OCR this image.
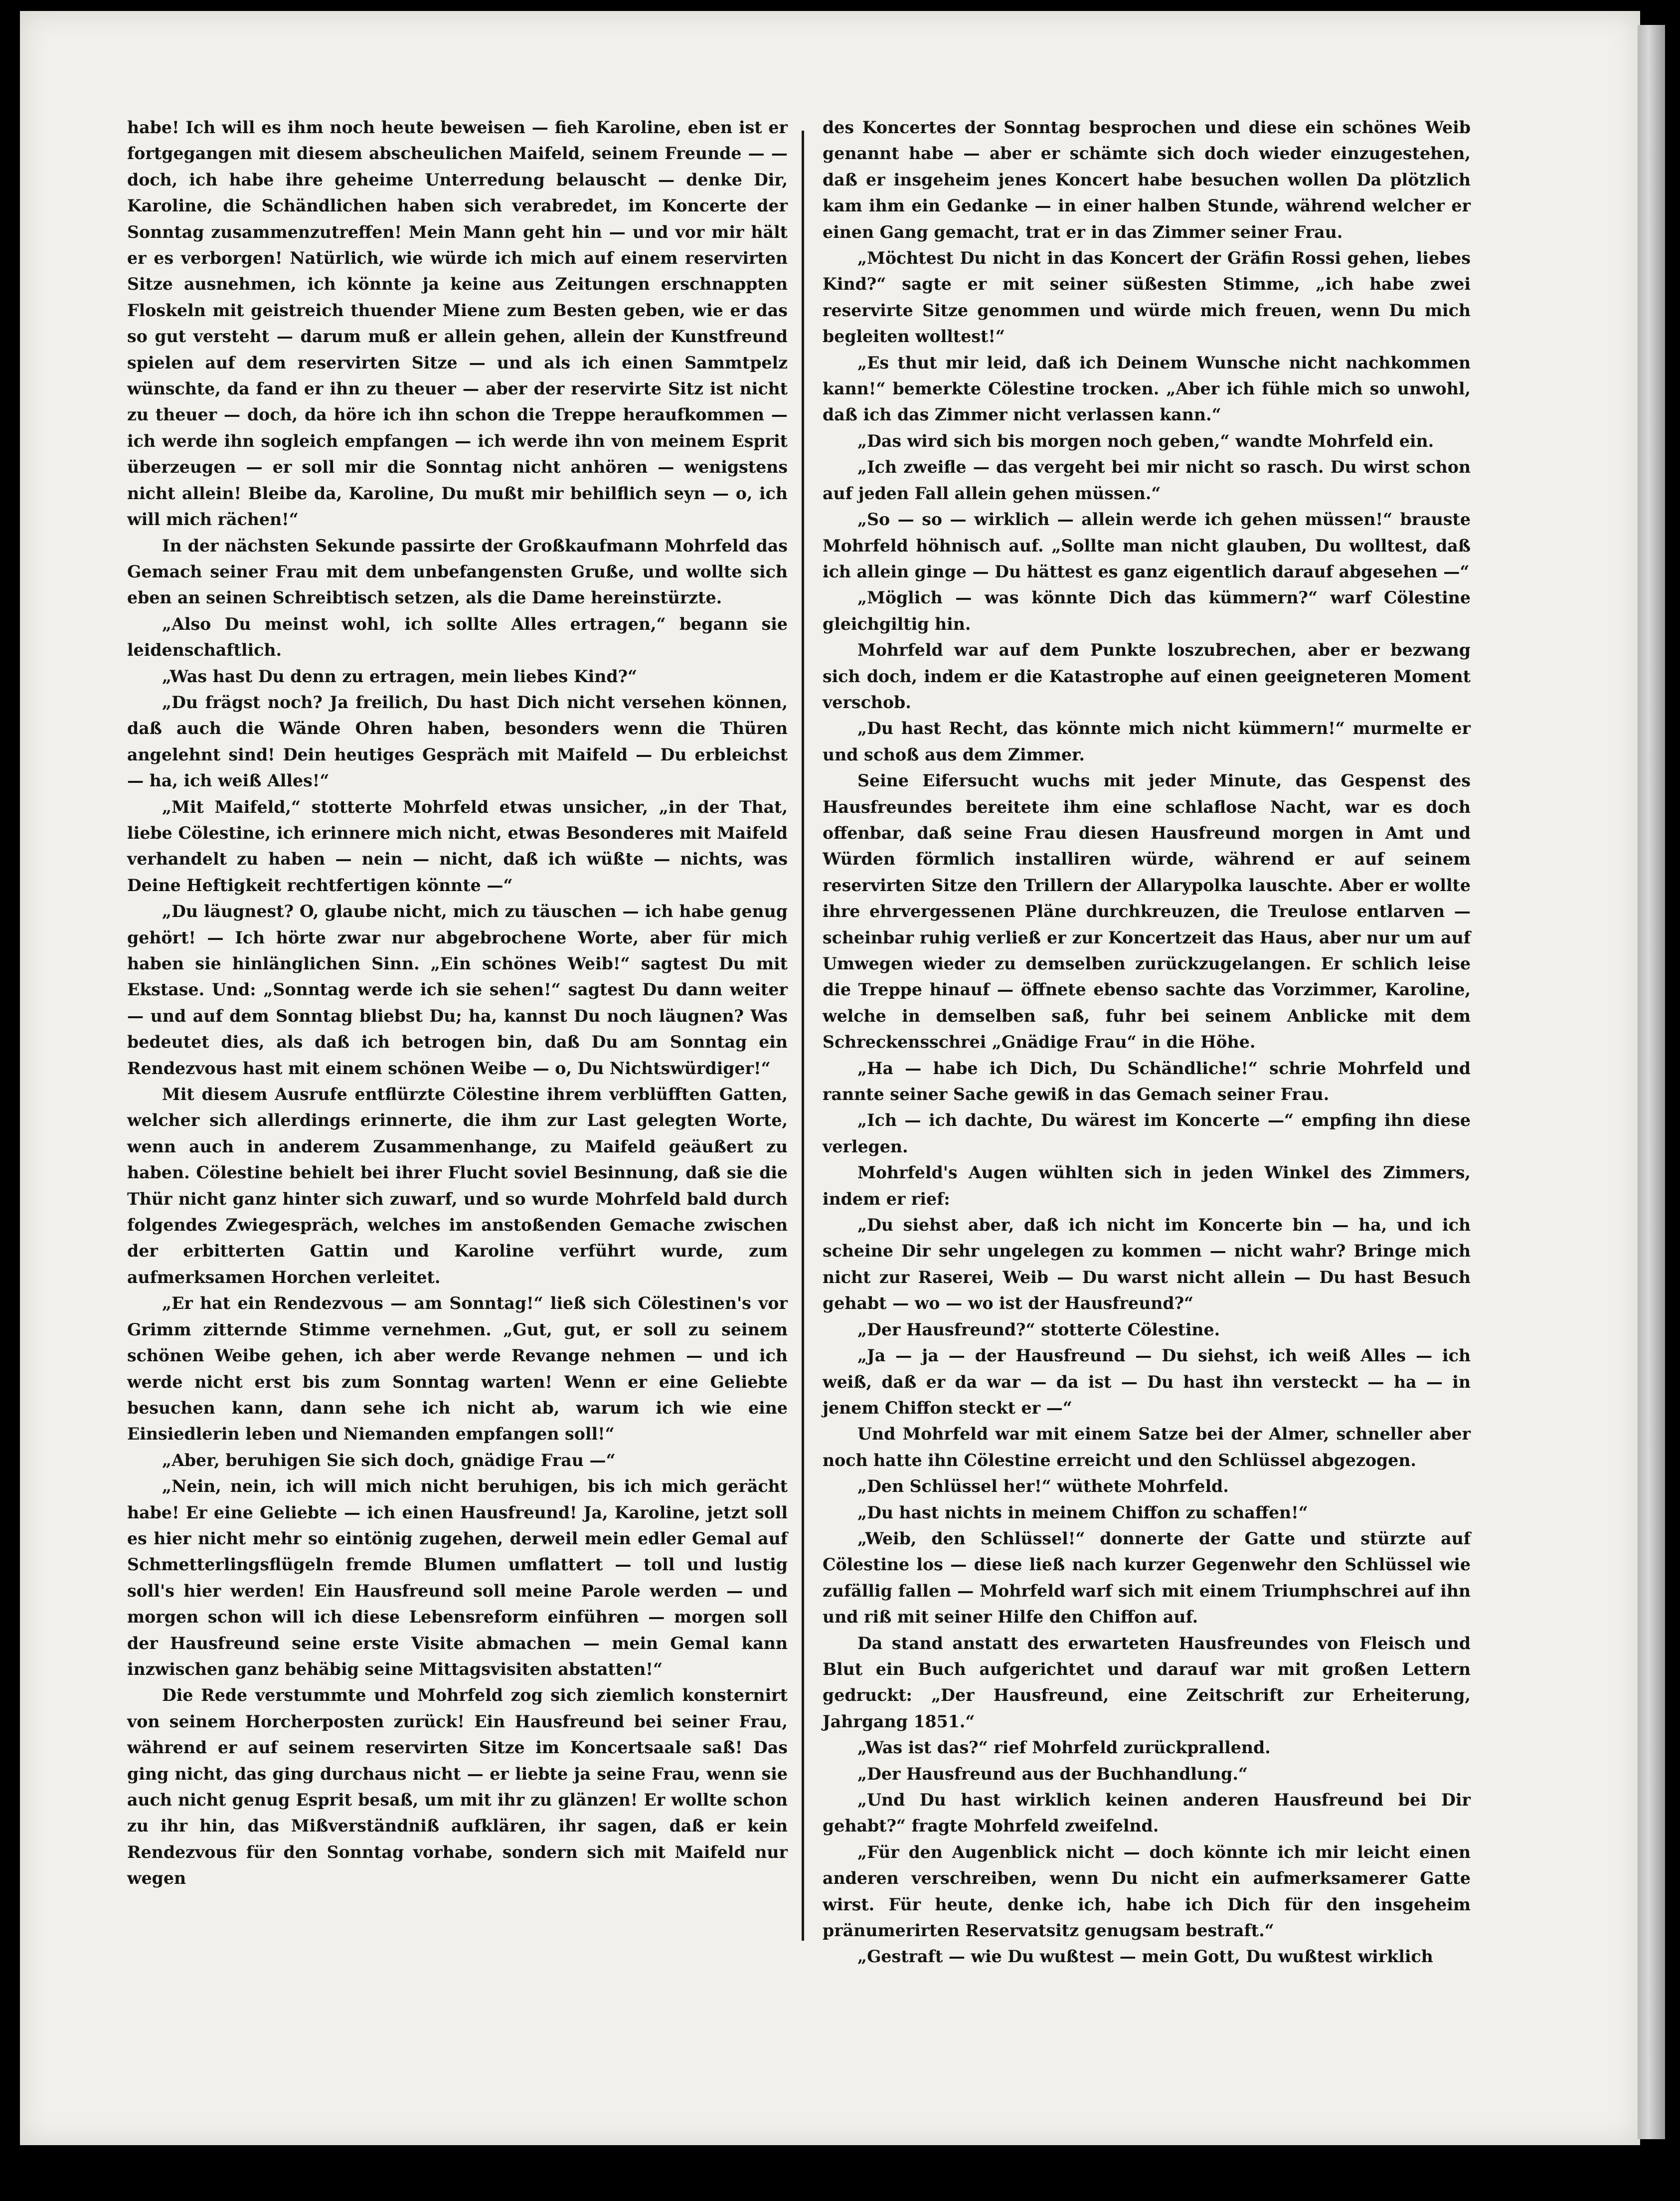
habe! Ich will es ihm noch heute beweisen — fieh Karoline, eben ist er fortgegangen mit diesem abscheulichen Maifeld, seinem Freunde — — doch, ich habe ihre geheime Unterredung belauscht — denke Dir, Karoline, die Schändlichen haben sich verabredet, im Koncerte der Sonntag zusammenzutreffen! Mein Mann geht hin — und vor mir hält er es verborgen! Natürlich, wie würde ich mich auf einem reservirten Sitze ausnehmen, ich könnte ja keine aus Zeitungen erschnappten Floskeln mit geistreich thuender Miene zum Besten geben, wie er das so gut versteht — darum muß er allein gehen, allein der Kunstfreund spielen auf dem reservirten Sitze — und als ich einen Sammtpelz wünschte, da fand er ihn zu theuer — aber der reservirte Sitz ist nicht zu theuer — doch, da höre ich ihn schon die Treppe heraufkommen — ich werde ihn sogleich empfangen — ich werde ihn von meinem Esprit überzeugen — er soll mir die Sonntag nicht anhören — wenigstens nicht allein! Bleibe da, Karoline, Du mußt mir behilflich seyn — o, ich will mich rächen!“

In der nächsten Sekunde passirte der Großkaufmann Mohrfeld das Gemach seiner Frau mit dem unbefangensten Gruße, und wollte sich eben an seinen Schreibtisch setzen, als die Dame hereinstürzte.

„Also Du meinst wohl, ich sollte Alles ertragen,“ begann sie leidenschaftlich.

„Was hast Du denn zu ertragen, mein liebes Kind?“

„Du frägst noch? Ja freilich, Du hast Dich nicht versehen können, daß auch die Wände Ohren haben, besonders wenn die Thüren angelehnt sind! Dein heutiges Gespräch mit Maifeld — Du erbleichst — ha, ich weiß Alles!“

„Mit Maifeld,“ stotterte Mohrfeld etwas unsicher, „in der That, liebe Cölestine, ich erinnere mich nicht, etwas Besonderes mit Maifeld verhandelt zu haben — nein — nicht, daß ich wüßte — nichts, was Deine Heftigkeit rechtfertigen könnte —“

„Du läugnest? O, glaube nicht, mich zu täuschen — ich habe genug gehört! — Ich hörte zwar nur abgebrochene Worte, aber für mich haben sie hinlänglichen Sinn. „Ein schönes Weib!“ sagtest Du mit Ekstase. Und: „Sonntag werde ich sie sehen!“ sagtest Du dann weiter — und auf dem Sonntag bliebst Du; ha, kannst Du noch läugnen? Was bedeutet dies, als daß ich betrogen bin, daß Du am Sonntag ein Rendezvous hast mit einem schönen Weibe — o, Du Nichtswürdiger!“

Mit diesem Ausrufe entflürzte Cölestine ihrem verblüfften Gatten, welcher sich allerdings erinnerte, die ihm zur Last gelegten Worte, wenn auch in anderem Zusammenhange, zu Maifeld geäußert zu haben. Cölestine behielt bei ihrer Flucht soviel Besinnung, daß sie die Thür nicht ganz hinter sich zuwarf, und so wurde Mohrfeld bald durch folgendes Zwiegespräch, welches im anstoßenden Gemache zwischen der erbitterten Gattin und Karoline verführt wurde, zum aufmerksamen Horchen verleitet.

„Er hat ein Rendezvous — am Sonntag!“ ließ sich Cölestinen's vor Grimm zitternde Stimme vernehmen. „Gut, gut, er soll zu seinem schönen Weibe gehen, ich aber werde Revange nehmen — und ich werde nicht erst bis zum Sonntag warten! Wenn er eine Geliebte besuchen kann, dann sehe ich nicht ab, warum ich wie eine Einsiedlerin leben und Niemanden empfangen soll!“

„Aber, beruhigen Sie sich doch, gnädige Frau —“

„Nein, nein, ich will mich nicht beruhigen, bis ich mich gerächt habe! Er eine Geliebte — ich einen Hausfreund! Ja, Karoline, jetzt soll es hier nicht mehr so eintönig zugehen, derweil mein edler Gemal auf Schmetterlingsflügeln fremde Blumen umflattert — toll und lustig soll's hier werden! Ein Hausfreund soll meine Parole werden — und morgen schon will ich diese Lebensreform einführen — morgen soll der Hausfreund seine erste Visite abmachen — mein Gemal kann inzwischen ganz behäbig seine Mittagsvisiten abstatten!“

Die Rede verstummte und Mohrfeld zog sich ziemlich konsternirt von seinem Horcherposten zurück! Ein Hausfreund bei seiner Frau, während er auf seinem reservirten Sitze im Koncertsaale saß! Das ging nicht, das ging durchaus nicht — er liebte ja seine Frau, wenn sie auch nicht genug Esprit besaß, um mit ihr zu glänzen! Er wollte schon zu ihr hin, das Mißverständniß aufklären, ihr sagen, daß er kein Rendezvous für den Sonntag vorhabe, sondern sich mit Maifeld nur wegen

des Koncertes der Sonntag besprochen und diese ein schönes Weib genannt habe — aber er schämte sich doch wieder einzugestehen, daß er insgeheim jenes Koncert habe besuchen wollen Da plötzlich kam ihm ein Gedanke — in einer halben Stunde, während welcher er einen Gang gemacht, trat er in das Zimmer seiner Frau.

„Möchtest Du nicht in das Koncert der Gräfin Rossi gehen, liebes Kind?“ sagte er mit seiner süßesten Stimme, „ich habe zwei reservirte Sitze genommen und würde mich freuen, wenn Du mich begleiten wolltest!“

„Es thut mir leid, daß ich Deinem Wunsche nicht nachkommen kann!“ bemerkte Cölestine trocken. „Aber ich fühle mich so unwohl, daß ich das Zimmer nicht verlassen kann.“

„Das wird sich bis morgen noch geben,“ wandte Mohrfeld ein.

„Ich zweifle — das vergeht bei mir nicht so rasch. Du wirst schon auf jeden Fall allein gehen müssen.“

„So — so — wirklich — allein werde ich gehen müssen!“ brauste Mohrfeld höhnisch auf. „Sollte man nicht glauben, Du wolltest, daß ich allein ginge — Du hättest es ganz eigentlich darauf abgesehen —“

„Möglich — was könnte Dich das kümmern?“ warf Cölestine gleichgiltig hin.

Mohrfeld war auf dem Punkte loszubrechen, aber er bezwang sich doch, indem er die Katastrophe auf einen geeigneteren Moment verschob.

„Du hast Recht, das könnte mich nicht kümmern!“ murmelte er und schoß aus dem Zimmer.

Seine Eifersucht wuchs mit jeder Minute, das Gespenst des Hausfreundes bereitete ihm eine schlaflose Nacht, war es doch offenbar, daß seine Frau diesen Hausfreund morgen in Amt und Würden förmlich installiren würde, während er auf seinem reservirten Sitze den Trillern der Allarypolka lauschte. Aber er wollte ihre ehrvergessenen Pläne durchkreuzen, die Treulose entlarven — scheinbar ruhig verließ er zur Koncertzeit das Haus, aber nur um auf Umwegen wieder zu demselben zurückzugelangen. Er schlich leise die Treppe hinauf — öffnete ebenso sachte das Vorzimmer, Karoline, welche in demselben saß, fuhr bei seinem Anblicke mit dem Schreckensschrei „Gnädige Frau“ in die Höhe.

„Ha — habe ich Dich, Du Schändliche!“ schrie Mohrfeld und rannte seiner Sache gewiß in das Gemach seiner Frau.

„Ich — ich dachte, Du wärest im Koncerte —“ empfing ihn diese verlegen.

Mohrfeld's Augen wühlten sich in jeden Winkel des Zimmers, indem er rief:

„Du siehst aber, daß ich nicht im Koncerte bin — ha, und ich scheine Dir sehr ungelegen zu kommen — nicht wahr? Bringe mich nicht zur Raserei, Weib — Du warst nicht allein — Du hast Besuch gehabt — wo — wo ist der Hausfreund?“

„Der Hausfreund?“ stotterte Cölestine.

„Ja — ja — der Hausfreund — Du siehst, ich weiß Alles — ich weiß, daß er da war — da ist — Du hast ihn versteckt — ha — in jenem Chiffon steckt er —“

Und Mohrfeld war mit einem Satze bei der Almer, schneller aber noch hatte ihn Cölestine erreicht und den Schlüssel abgezogen.

„Den Schlüssel her!“ wüthete Mohrfeld.

„Du hast nichts in meinem Chiffon zu schaffen!“

„Weib, den Schlüssel!“ donnerte der Gatte und stürzte auf Cölestine los — diese ließ nach kurzer Gegenwehr den Schlüssel wie zufällig fallen — Mohrfeld warf sich mit einem Triumphschrei auf ihn und riß mit seiner Hilfe den Chiffon auf.

Da stand anstatt des erwarteten Hausfreundes von Fleisch und Blut ein Buch aufgerichtet und darauf war mit großen Lettern gedruckt: „Der Hausfreund, eine Zeitschrift zur Erheiterung, Jahrgang 1851.“

„Was ist das?“ rief Mohrfeld zurückprallend.

„Der Hausfreund aus der Buchhandlung.“

„Und Du hast wirklich keinen anderen Hausfreund bei Dir gehabt?“ fragte Mohrfeld zweifelnd.

„Für den Augenblick nicht — doch könnte ich mir leicht einen anderen verschreiben, wenn Du nicht ein aufmerksamerer Gatte wirst. Für heute, denke ich, habe ich Dich für den insgeheim pränumerirten Reservatsitz genugsam bestraft.“

„Gestraft — wie Du wußtest — mein Gott, Du wußtest wirklich
